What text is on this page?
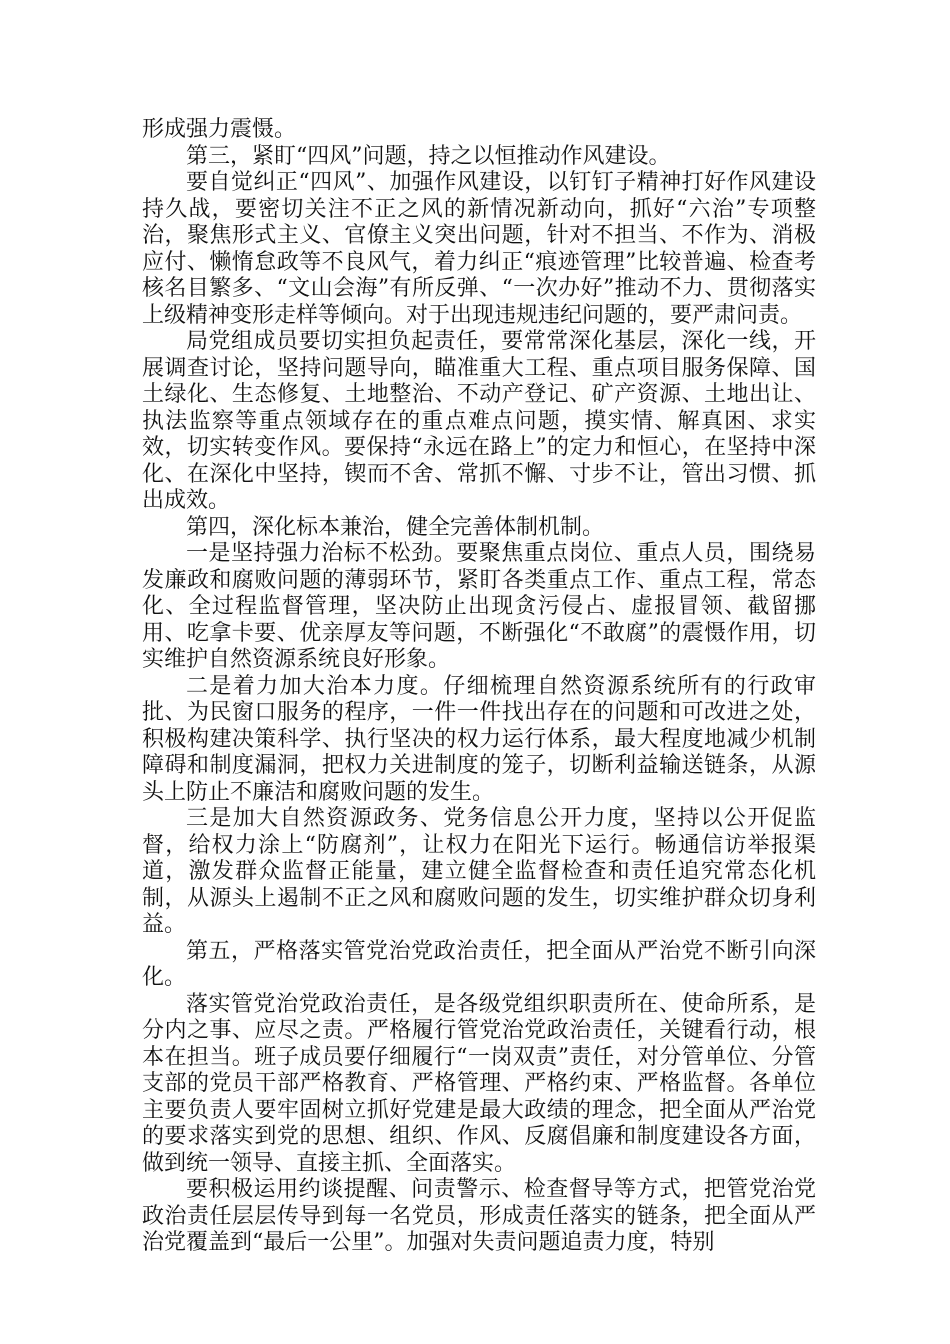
形成强力震慑。

第三，紧盯“四风”问题，持之以恒推动作风建设。

要自觉纠正“四风”、加强作风建设，以钉钉子精神打好作风建设持久战，要密切关注不正之风的新情况新动向，抓好“六治”专项整治，聚焦形式主义、官僚主义突出问题，针对不担当、不作为、消极应付、懒惰怠政等不良风气，着力纠正“痕迹管理”比较普遍、检查考核名目繁多、“文山会海”有所反弹、“一次办好”推动不力、贯彻落实上级精神变形走样等倾向。对于出现违规违纪问题的，要严肃问责。

局党组成员要切实担负起责任，要常常深化基层，深化一线，开展调查讨论，坚持问题导向，瞄准重大工程、重点项目服务保障、国土绿化、生态修复、土地整治、不动产登记、矿产资源、土地出让、执法监察等重点领域存在的重点难点问题，摸实情、解真困、求实效，切实转变作风。要保持“永远在路上”的定力和恒心，在坚持中深化、在深化中坚持，锲而不舍、常抓不懈、寸步不让，管出习惯、抓出成效。

第四，深化标本兼治，健全完善体制机制。

一是坚持强力治标不松劲。要聚焦重点岗位、重点人员，围绕易发廉政和腐败问题的薄弱环节，紧盯各类重点工作、重点工程，常态化、全过程监督管理，坚决防止出现贪污侵占、虚报冒领、截留挪用、吃拿卡要、优亲厚友等问题，不断强化“不敢腐”的震慑作用，切实维护自然资源系统良好形象。

二是着力加大治本力度。仔细梳理自然资源系统所有的行政审批、为民窗口服务的程序，一件一件找出存在的问题和可改进之处，积极构建决策科学、执行坚决的权力运行体系，最大程度地减少机制障碍和制度漏洞，把权力关进制度的笼子，切断利益输送链条，从源头上防止不廉洁和腐败问题的发生。

三是加大自然资源政务、党务信息公开力度，坚持以公开促监督，给权力涂上“防腐剂”，让权力在阳光下运行。畅通信访举报渠道，激发群众监督正能量，建立健全监督检查和责任追究常态化机制，从源头上遏制不正之风和腐败问题的发生，切实维护群众切身利益。

第五，严格落实管党治党政治责任，把全面从严治党不断引向深化。

落实管党治党政治责任，是各级党组织职责所在、使命所系，是分内之事、应尽之责。严格履行管党治党政治责任，关键看行动，根本在担当。班子成员要仔细履行“一岗双责”责任，对分管单位、分管支部的党员干部严格教育、严格管理、严格约束、严格监督。各单位主要负责人要牢固树立抓好党建是最大政绩的理念，把全面从严治党的要求落实到党的思想、组织、作风、反腐倡廉和制度建设各方面，做到统一领导、直接主抓、全面落实。

要积极运用约谈提醒、问责警示、检查督导等方式，把管党治党政治责任层层传导到每一名党员，形成责任落实的链条，把全面从严治党覆盖到“最后一公里”。加强对失责问题追责力度，特别
